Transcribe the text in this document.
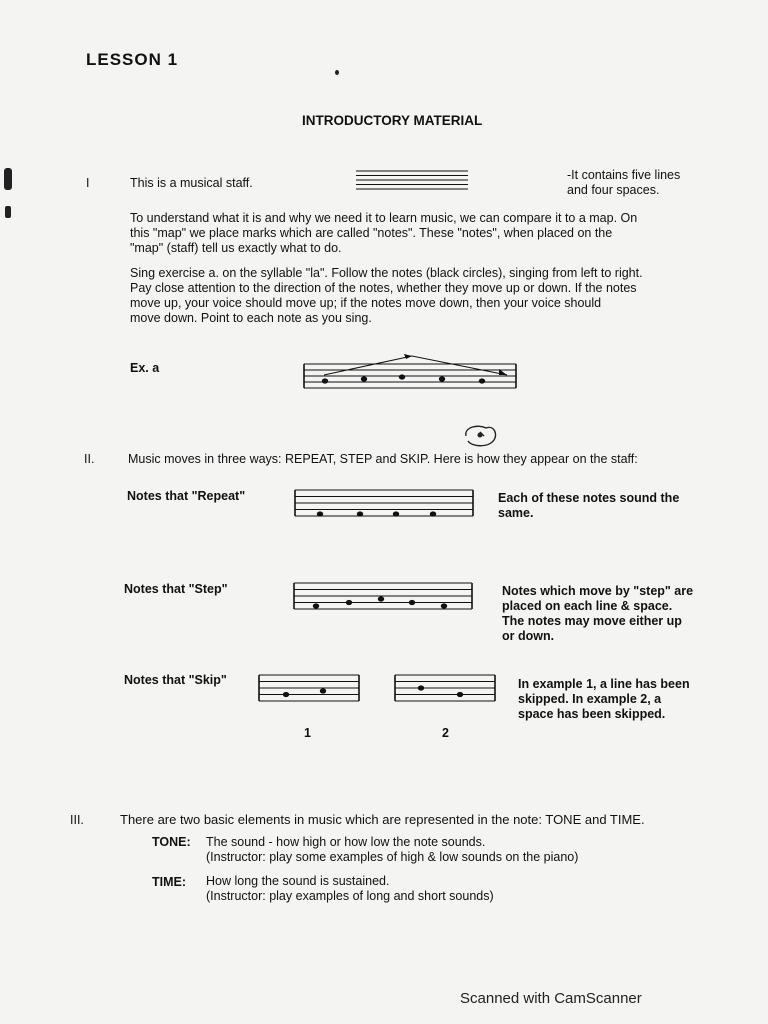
LESSON 1
INTRODUCTORY MATERIAL
I	This is a musical staff.
-It contains five lines
and four spaces.
To understand what it is and why we need it to learn music, we can compare it to a map. On
this "map" we place marks which are called "notes". These "notes", when placed on the
"map" (staff) tell us exactly what to do.
Sing exercise a. on the syllable "la". Follow the notes (black circles), singing from left to right.
Pay close attention to the direction of the notes, whether they move up or down. If the notes
move up, your voice should move up; if the notes move down, then your voice should
move down. Point to each note as you sing.
Ex. a
II.	Music moves in three ways: REPEAT, STEP and SKIP. Here is how they appear on the staff:
Notes that "Repeat"	Each of these notes sound the
same.
Notes that "Step"	Notes which move by "step" are
placed on each line & space.
The notes may move either up
or down.
Notes that "Skip"
1	2
In example 1, a line has been
skipped. In example 2, a
space has been skipped.
III.	There are two basic elements in music which are represented in the note: TONE and TIME.
TONE: The sound - how high or how low the note sounds.
(Instructor: play some examples of high & low sounds on the piano)
TIME: How long the sound is sustained.
(Instructor: play examples of long and short sounds)
Scanned with CamScanner
